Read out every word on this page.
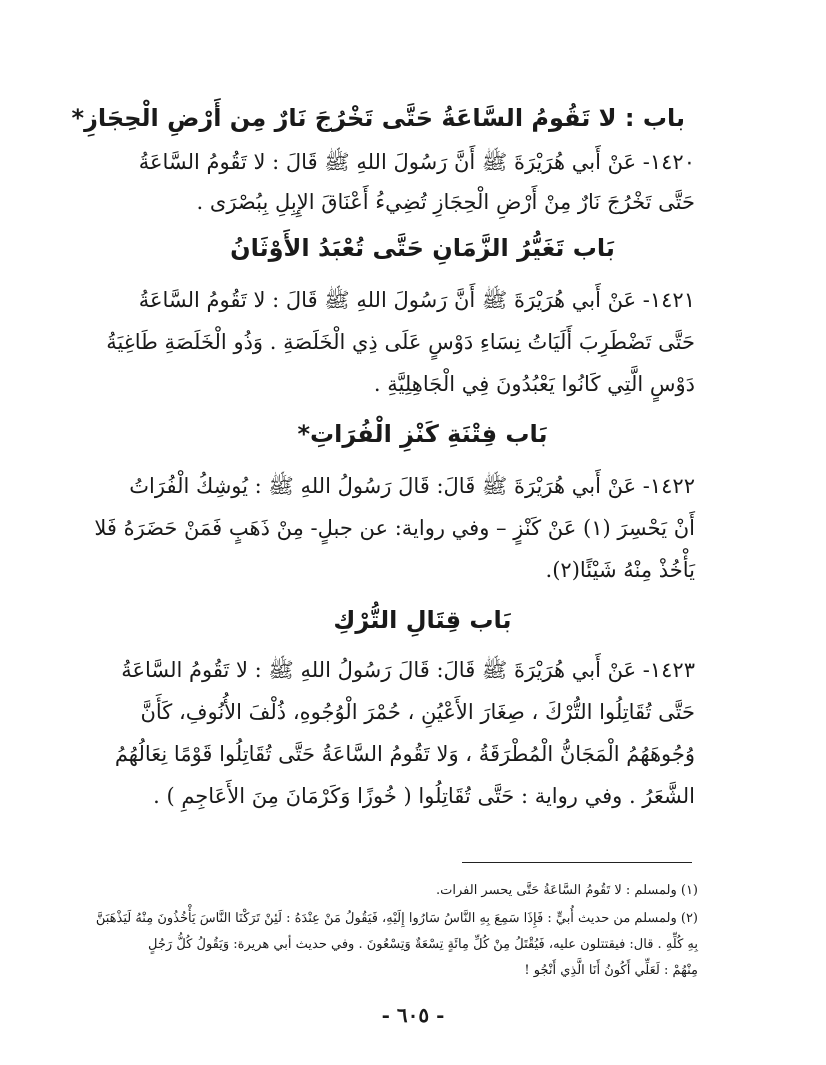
باب : لا تَقُومُ السَّاعَةُ حَتَّى تَخْرُجَ نَارٌ مِن أَرْضِ الْحِجَازِ*
١٤٢٠- عَنْ أَبي هُرَيْرَةَ ﷺ أَنَّ رَسُولَ اللهِ ﷺ قَالَ : لا تَقُومُ السَّاعَةُ
حَتَّى تَخْرُجَ نَارٌ مِنْ أَرْضِ الْحِجَازِ تُضِيءُ أَعْنَاقَ الإِبِلِ بِبُصْرَى .
بَاب تَغَيُّرُ الزَّمَانِ حَتَّى تُعْبَدُ الأَوْثَانُ
١٤٢١- عَنْ أَبي هُرَيْرَةَ ﷺ أَنَّ رَسُولَ اللهِ ﷺ قَالَ : لا تَقُومُ السَّاعَةُ
حَتَّى تَضْطَرِبَ أَلَيَاتُ نِسَاءِ دَوْسٍ عَلَى ذِي الْخَلَصَةِ . وَذُو الْخَلَصَةِ طَاغِيَةُ
دَوْسٍ الَّتِي كَانُوا يَعْبُدُونَ فِي الْجَاهِلِيَّةِ .
بَاب فِتْنَةِ كَنْزِ الْفُرَاتِ*
١٤٢٢- عَنْ أَبي هُرَيْرَةَ ﷺ قَالَ: قَالَ رَسُولُ اللهِ ﷺ : يُوشِكُ الْفُرَاتُ
أَنْ يَحْسِرَ (١) عَنْ كَنْزٍ – وفي رواية: عن جبلٍ- مِنْ ذَهَبٍ فَمَنْ حَضَرَهُ فَلا
يَأْخُذْ مِنْهُ شَيْئًا(٢).
بَاب قِتَالِ التُّرْكِ
١٤٢٣- عَنْ أَبي هُرَيْرَةَ ﷺ قَالَ: قَالَ رَسُولُ اللهِ ﷺ : لا تَقُومُ السَّاعَةُ
حَتَّى تُقَاتِلُوا التُّرْكَ ، صِغَارَ الأَعْيُنِ ، حُمْرَ الْوُجُوهِ، ذُلْفَ الأُنُوفِ، كَأَنَّ
وُجُوهَهُمُ الْمَجَانُّ الْمُطْرَقَةُ ، وَلا تَقُومُ السَّاعَةُ حَتَّى تُقَاتِلُوا قَوْمًا نِعَالُهُمُ
الشَّعَرُ . وفي رواية : حَتَّى تُقَاتِلُوا ( خُوزًا وَكَرْمَانَ مِنَ الأَعَاجِمِ ) .
(١) ولمسلم : لا تَقُومُ السَّاعَةُ حَتَّى يحسر الفرات.
(٢) ولمسلم من حديث أُبيٍّ : فَإِذَا سَمِعَ بِهِ النَّاسُ سَارُوا إِلَيْهِ، فَيَقُولُ مَنْ عِنْدَهُ : لَئِنْ تَرَكْنَا النَّاسَ يَأْخُذُونَ مِنْهُ لَيَذْهَبَنَّ
بِهِ كُلِّهِ . قال: فيقتتلون عليه، فَيُقْتَلُ مِنْ كُلِّ مِائَةٍ تِسْعَةٌ وَتِسْعُونَ . وفي حديث أبي هريرة: وَيَقُولُ كُلُّ رَجُلٍ
مِنْهُمْ : لَعَلِّي أَكُونُ أَنَا الَّذِي أَنْجُو !
- ٦٠٥ -
